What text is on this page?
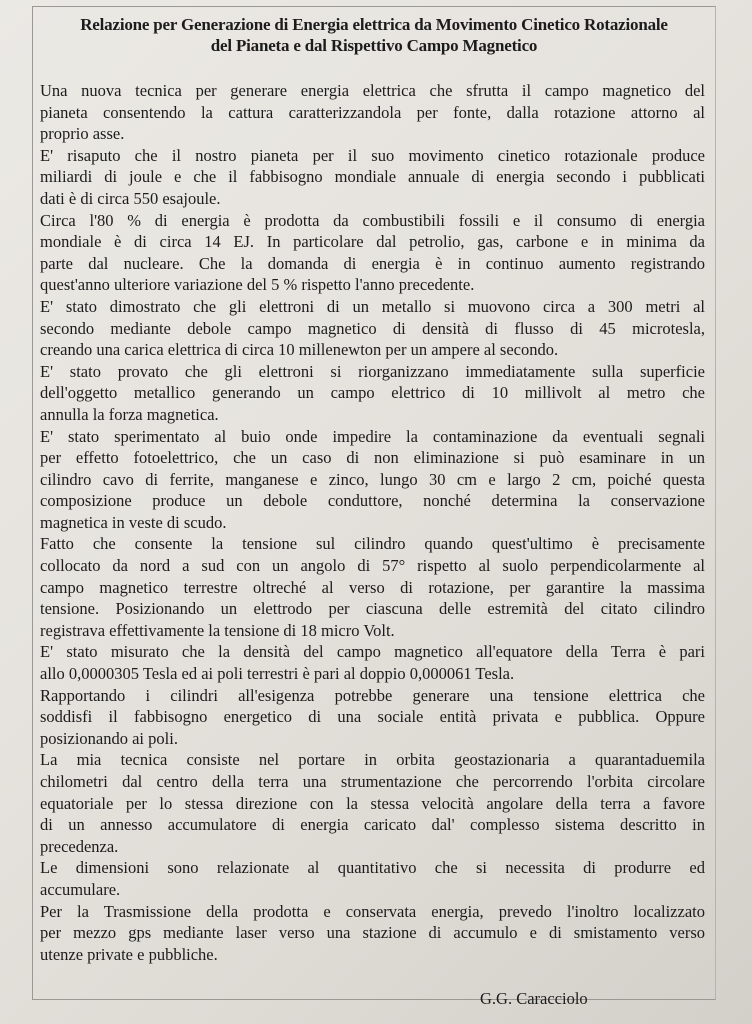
Relazione per Generazione di Energia elettrica da Movimento Cinetico Rotazionale
del Pianeta e dal Rispettivo Campo Magnetico

Una nuova tecnica per generare energia elettrica che sfrutta il campo magnetico del
pianeta consentendo la cattura caratterizzandola per fonte, dalla rotazione attorno al
proprio asse.

E' risaputo che il nostro pianeta per il suo movimento cinetico rotazionale produce
miliardi di joule e che il fabbisogno mondiale annuale di energia secondo i pubblicati
dati è di circa 550 esajoule.

Circa l'80 % di energia è prodotta da combustibili fossili e il consumo di energia
mondiale è di circa 14 EJ. In particolare dal petrolio, gas, carbone e in minima da
parte dal nucleare. Che la domanda di energia è in continuo aumento registrando
quest'anno ulteriore variazione del 5 % rispetto l'anno precedente.

E' stato dimostrato che gli elettroni di un metallo si muovono circa a 300 metri al
secondo mediante debole campo magnetico di densità di flusso di 45 microtesla,
creando una carica elettrica di circa 10 millenewton per un ampere al secondo.

E' stato provato che gli elettroni si riorganizzano immediatamente sulla superficie
dell'oggetto metallico generando un campo elettrico di 10 millivolt al metro che
annulla la forza magnetica.

E' stato sperimentato al buio onde impedire la contaminazione da eventuali segnali
per effetto fotoelettrico, che un caso di non eliminazione si può esaminare in un
cilindro cavo di ferrite, manganese e zinco, lungo 30 cm e largo 2 cm, poiché questa
composizione produce un debole conduttore, nonché determina la conservazione
magnetica in veste di scudo.

Fatto che consente la tensione sul cilindro quando quest'ultimo è precisamente
collocato da nord a sud con un angolo di 57° rispetto al suolo perpendicolarmente al
campo magnetico terrestre oltreché al verso di rotazione, per garantire la massima
tensione. Posizionando un elettrodo per ciascuna delle estremità del citato cilindro
registrava effettivamente la tensione di 18 micro Volt.

E' stato misurato che la densità del campo magnetico all'equatore della Terra è pari
allo 0,0000305 Tesla ed ai poli terrestri è pari al doppio 0,000061 Tesla.

Rapportando i cilindri all'esigenza potrebbe generare una tensione elettrica che
soddisfi il fabbisogno energetico di una sociale entità privata e pubblica. Oppure
posizionando ai poli.

La mia tecnica consiste nel portare in orbita geostazionaria a quarantaduemila
chilometri dal centro della terra una strumentazione che percorrendo l'orbita circolare
equatoriale per lo stessa direzione con la stessa velocità angolare della terra a favore
di un annesso accumulatore di energia caricato dal' complesso sistema descritto in
precedenza.

Le dimensioni sono relazionate al quantitativo che si necessita di produrre ed
accumulare.

Per la Trasmissione della prodotta e conservata energia, prevedo l'inoltro localizzato
per mezzo gps mediante laser verso una stazione di accumulo e di smistamento verso
utenze private e pubbliche.

G.G. Caracciolo
